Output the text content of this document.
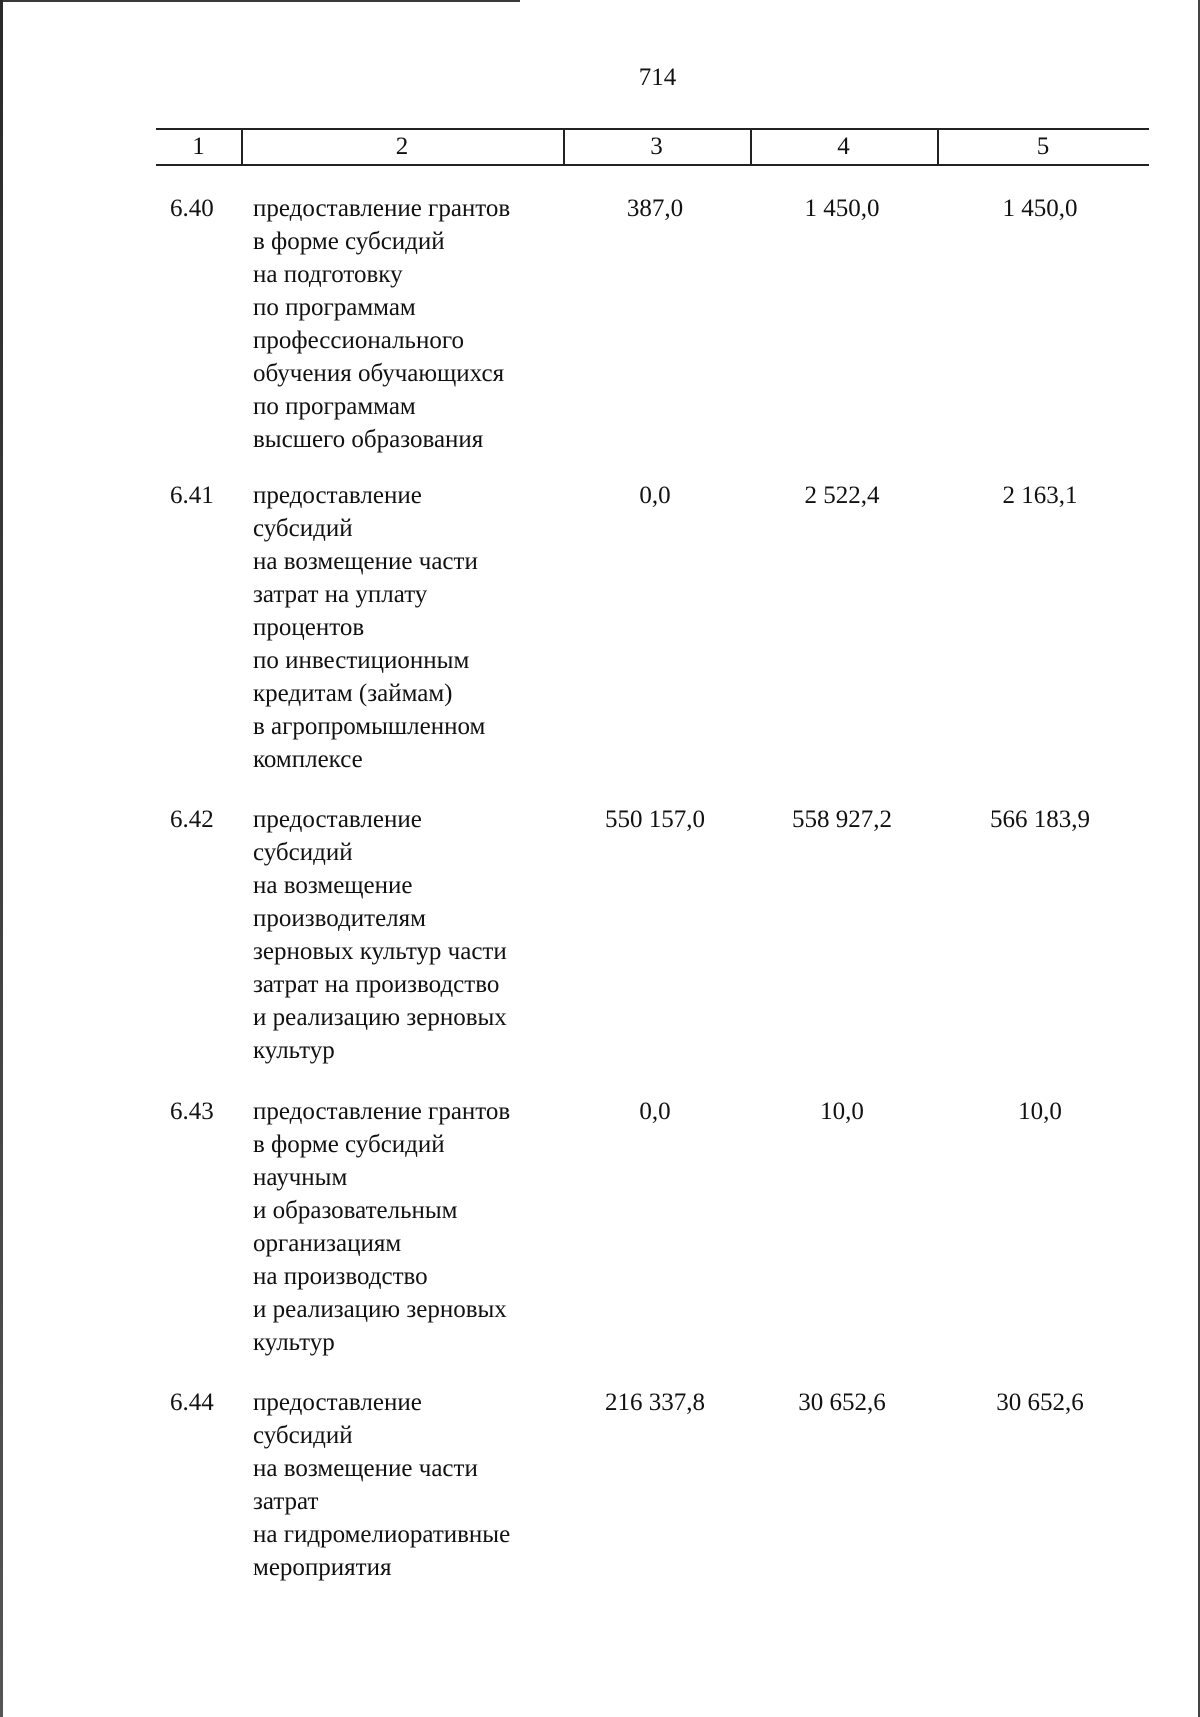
714
1	2	3	4	5
6.40	предоставление грантов
в форме субсидий
на подготовку
по программам
профессионального
обучения обучающихся
по программам
высшего образования
387,0	1 450,0	1 450,0
6.41	предоставление
субсидий
на возмещение части
затрат на уплату
процентов
по инвестиционным
кредитам (займам)
в агропромышленном
комплексе
0,0	2 522,4	2 163,1
6.42	предоставление
субсидий
на возмещение
производителям
зерновых культур части
затрат на производство
и реализацию зерновых
культур
550 157,0	558 927,2	566 183,9
6.43	предоставление грантов
в форме субсидий
научным
и образовательным
организациям
на производство
и реализацию зерновых
культур
0,0	10,0	10,0
6.44	предоставление
субсидий
на возмещение части
затрат
на гидромелиоративные
мероприятия
216 337,8	30 652,6	30 652,6
